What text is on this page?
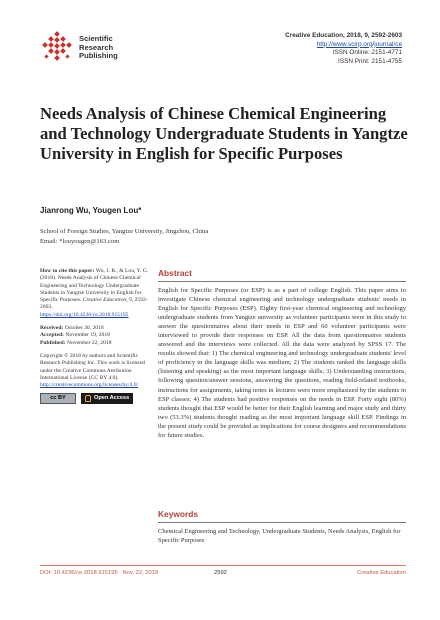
Scientific
Research
Publishing
Creative Education, 2018, 9, 2592-2603
http://www.scirp.org/journal/ce
ISSN Online: 2151-4771
ISSN Print: 2151-4755
Needs Analysis of Chinese Chemical Engineering and Technology Undergraduate Students in Yangtze University in English for Specific Purposes
Jianrong Wu, Yougen Lou*
School of Foreign Studies, Yangtze University, Jingzhou, China
Email: *louyougen@163.com
How to cite this paper: Wu, J. R., & Lou, Y. G. (2018). Needs Analysis of Chinese Chemical Engineering and Technology Undergraduate Students in Yangtze University in English for Specific Purposes. Creative Education, 9, 2592-2603.
https://doi.org/10.4236/ce.2018.915195
Received: October 30, 2018
Accepted: November 19, 2018
Published: November 22, 2018
Copyright © 2018 by authors and Scientific Research Publishing Inc. This work is licensed under the Creative Commons Attribution International License (CC BY 4.0).
http://creativecommons.org/licenses/by/4.0/
cc BY	Open Access
Abstract

English for Specific Purposes (or ESP) is as a part of college English. This paper aims to investigate Chinese chemical engineering and technology undergraduate students' needs in English for Specific Purposes (ESP). Eighty first-year chemical engineering and technology undergraduate students from Yangtze university as volunteer participants were in this study to answer the questionnaires about their needs in ESP and 60 volunteer participants were interviewed to provide their responses on ESP. All the data from questionnaires students answered and the interviews were collected. All the data were analyzed by SPSS 17. The results showed that: 1) The chemical engineering and technology undergraduate students' level of proficiency in the language skills was medium; 2) The students ranked the language skills (listening and speaking) as the most important language skills; 3) Understanding instructions, following question/answer sessions, answering the questions, reading field-related textbooks, instructions for assignments, taking notes in lectures were more emphasized by the students in ESP classes; 4) The students had positive responses on the needs in ESP. Forty eight (80%) students thought that ESP would be better for their English learning and major study and thirty two (53.3%) students thought reading as the most important language skill ESP. Findings in the present study could be provided as implications for course designers and recommendations for future studies.

Keywords

Chemical Engineering and Technology, Undergraduate Students, Needs Analysis, English for Specific Purposes

DOI: 10.4236/ce.2018.915195 Nov. 22, 2018	2592	Creative Education
